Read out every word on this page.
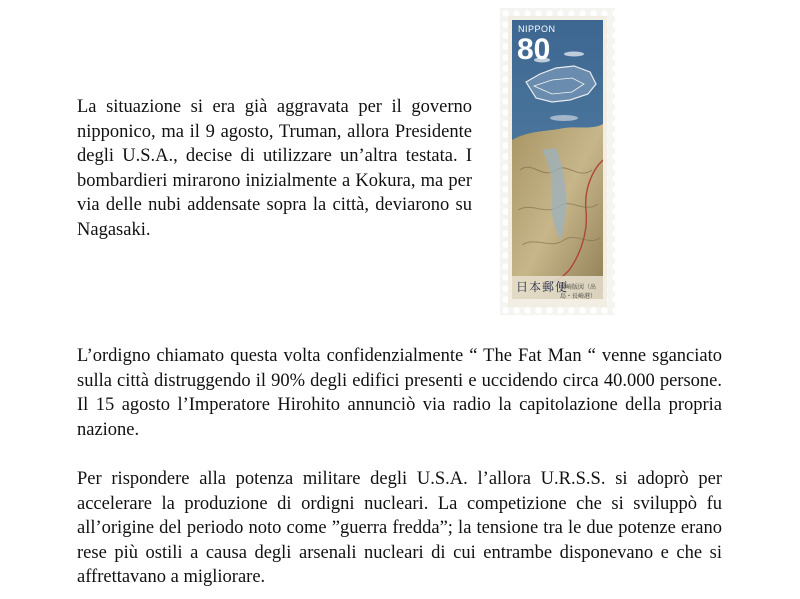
La situazione si era già aggravata per il governo nipponico, ma il 9 agosto, Truman, allora Presidente degli U.S.A., decise di utilizzare un’altra testata. I bombardieri mirarono inizialmente a Kokura, ma per via delle nubi addensate sopra la città, deviarono su Nagasaki.

NIPPON
80
日本郵便
長崎版図（出島・長崎港）

L’ordigno chiamato questa volta confidenzialmente “ The Fat Man “ venne sganciato sulla città distruggendo il 90% degli edifici presenti e uccidendo circa 40.000 persone. Il 15 agosto l’Imperatore Hirohito annunciò via radio la capitolazione della propria nazione.

Per rispondere alla potenza militare degli U.S.A. l’allora U.R.S.S. si adoprò per accelerare la produzione di ordigni nucleari. La competizione che si sviluppò fu all’origine del periodo noto come ”guerra fredda”; la tensione tra le due potenze erano rese più ostili a causa degli arsenali nucleari di cui entrambe disponevano e che si affrettavano a migliorare.
